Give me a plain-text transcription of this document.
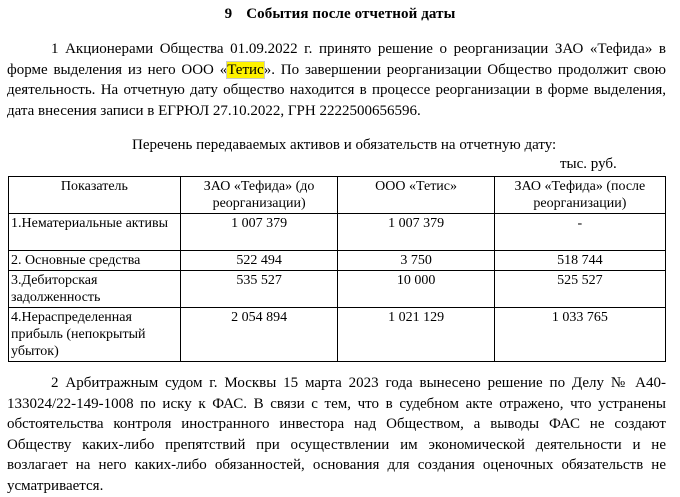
9 События после отчетной даты

1 Акционерами Общества 01.09.2022 г. принято решение о реорганизации ЗАО «Тефида» в форме выделения из него ООО «Тетис». По завершении реорганизации Общество продолжит свою деятельность. На отчетную дату общество находится в процессе реорганизации в форме выделения, дата внесения записи в ЕГРЮЛ 27.10.2022, ГРН 2222500656596.

Перечень передаваемых активов и обязательств на отчетную дату:
тыс. руб.
Показатель	ЗАО «Тефида» (до реорганизации)	ООО «Тетис»	ЗАО «Тефида» (после реорганизации)
1.Нематериальные активы	1 007 379	1 007 379	-
2. Основные средства	522 494	3 750	518 744
3.Дебиторская задолженность	535 527	10 000	525 527
4.Нераспределенная прибыль (непокрытый убыток)	2 054 894	1 021 129	1 033 765

2 Арбитражным судом г. Москвы 15 марта 2023 года вынесено решение по Делу № А40-133024/22-149-1008 по иску к ФАС. В связи с тем, что в судебном акте отражено, что устранены обстоятельства контроля иностранного инвестора над Обществом, а выводы ФАС не создают Обществу каких-либо препятствий при осуществлении им экономической деятельности и не возлагает на него каких-либо обязанностей, основания для создания оценочных обязательств не усматривается.
